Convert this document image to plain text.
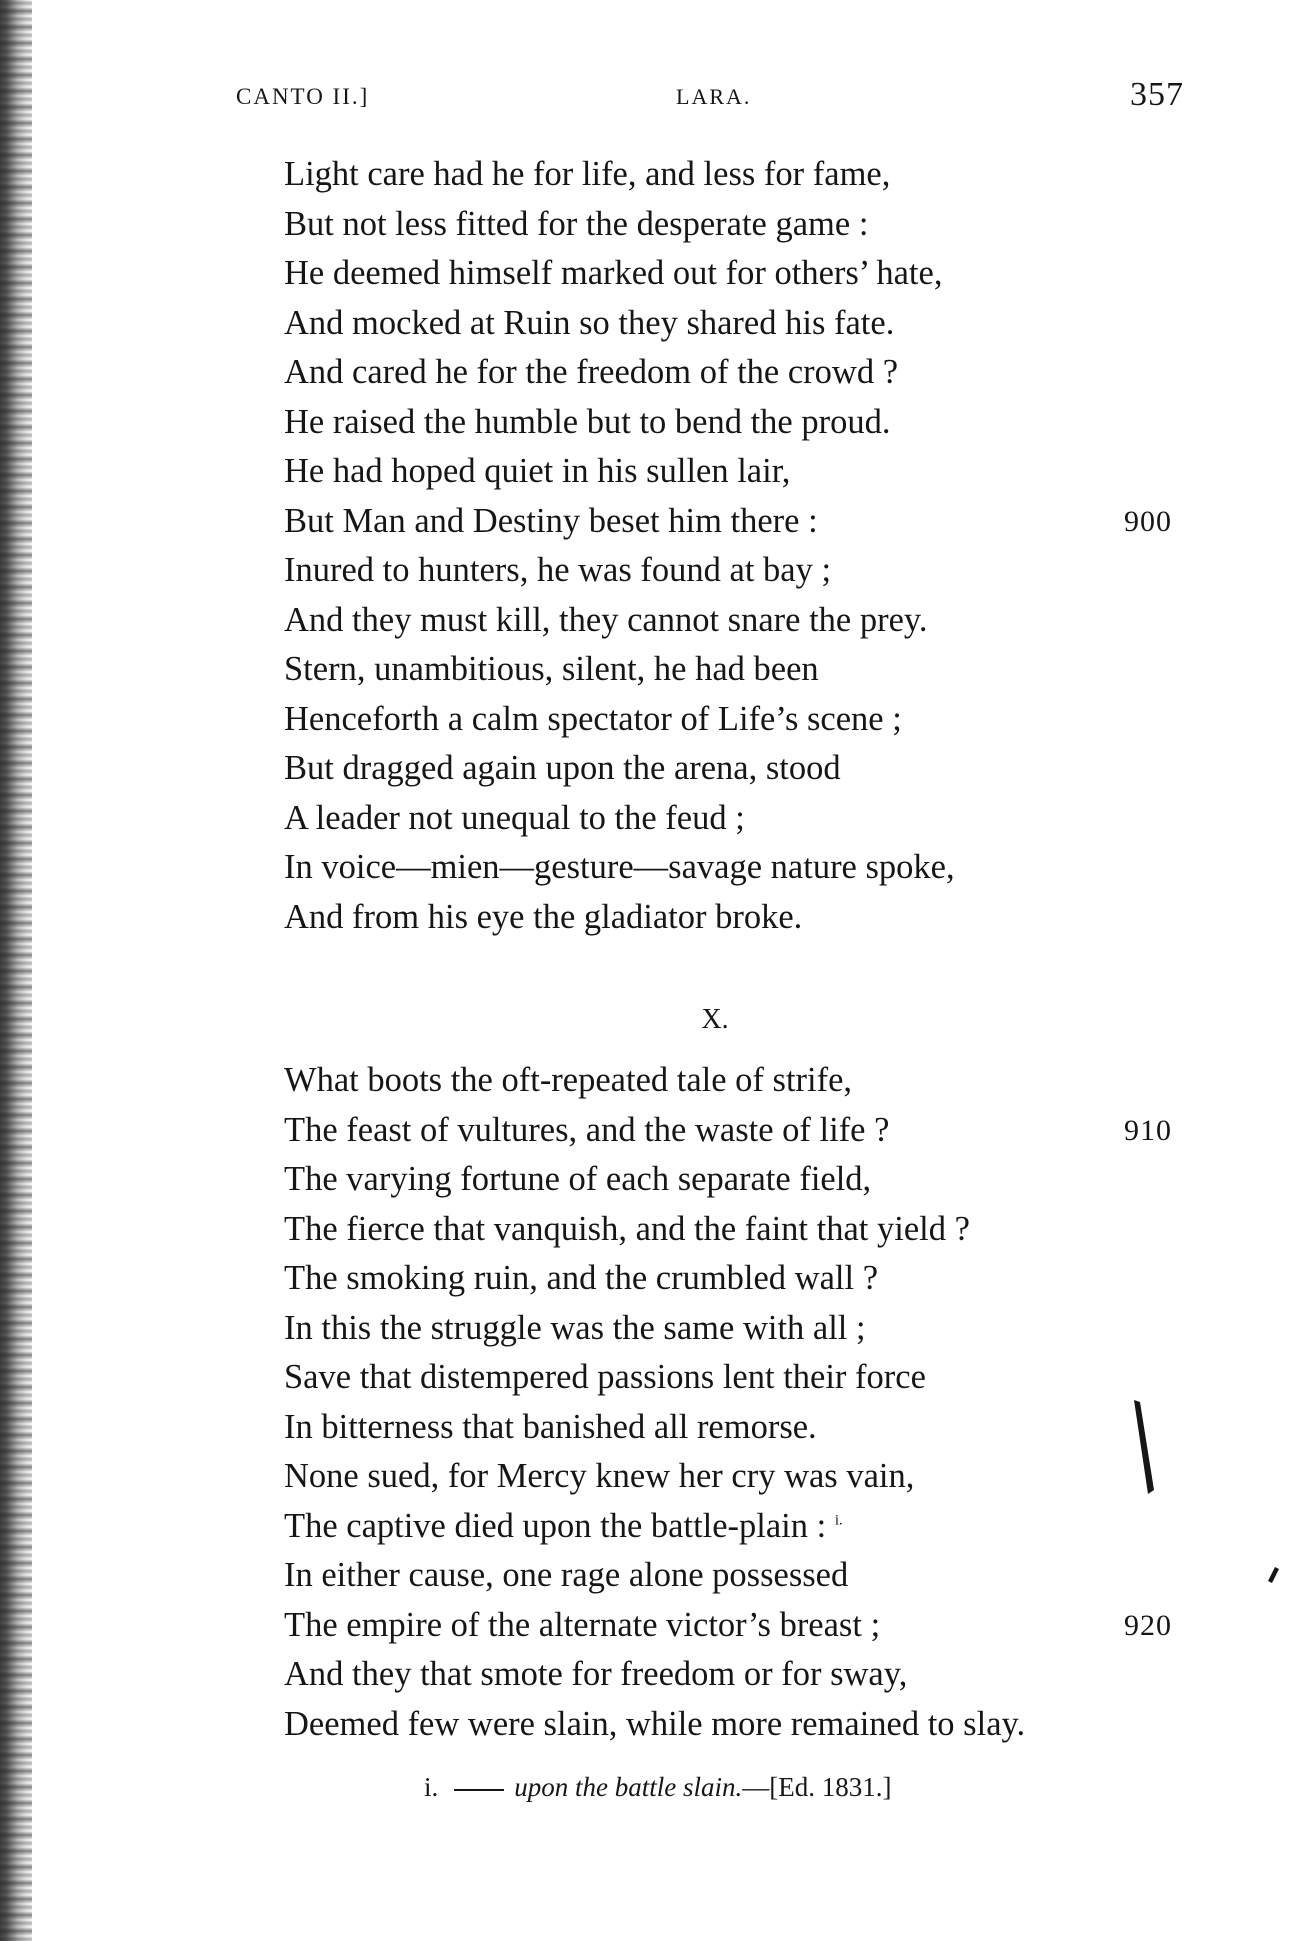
CANTO II.]	LARA.	357
Light care had he for life, and less for fame,
But not less fitted for the desperate game :
He deemed himself marked out for others’ hate,
And mocked at Ruin so they shared his fate.
And cared he for the freedom of the crowd ?
He raised the humble but to bend the proud.
He had hoped quiet in his sullen lair,
But Man and Destiny beset him there :	900
Inured to hunters, he was found at bay ;
And they must kill, they cannot snare the prey.
Stern, unambitious, silent, he had been
Henceforth a calm spectator of Life’s scene ;
But dragged again upon the arena, stood
A leader not unequal to the feud ;
In voice—mien—gesture—savage nature spoke,
And from his eye the gladiator broke.
X.
What boots the oft-repeated tale of strife,
The feast of vultures, and the waste of life ?	910
The varying fortune of each separate field,
The fierce that vanquish, and the faint that yield ?
The smoking ruin, and the crumbled wall ?
In this the struggle was the same with all ;
Save that distempered passions lent their force
In bitterness that banished all remorse.
None sued, for Mercy knew her cry was vain,
The captive died upon the battle-plain : $^{i.}$
In either cause, one rage alone possessed
The empire of the alternate victor’s breast ;	920
And they that smote for freedom or for sway,
Deemed few were slain, while more remained to slay.
i.	upon the battle slain.—[Ed. 1831.]
